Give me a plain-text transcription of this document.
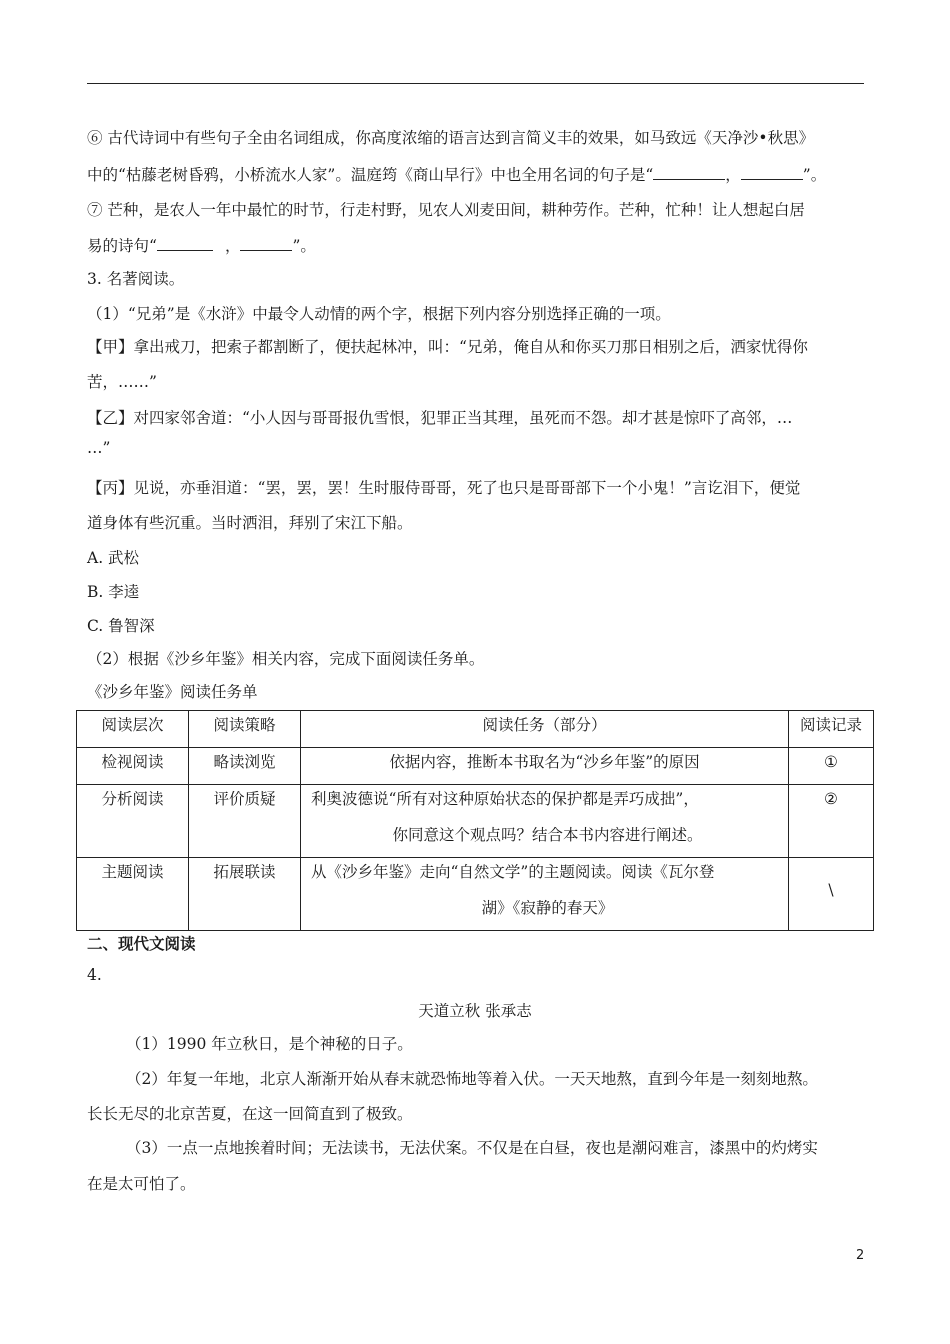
⑥ 古代诗词中有些句子全由名词组成，你高度浓缩的语言达到言简义丰的效果，如马致远《天净沙•秋思》
中的“枯藤老树昏鸦，小桥流水人家”。温庭筠《商山早行》中也全用名词的句子是“	，	”。
⑦ 芒种，是农人一年中最忙的时节，行走村野，见农人刈麦田间，耕种劳作。芒种，忙种！让人想起白居
易的诗句“	，	”。
3. 名著阅读。
（1）“兄弟”是《水浒》中最令人动情的两个字，根据下列内容分别选择正确的一项。
【甲】拿出戒刀，把索子都割断了，便扶起林冲，叫：“兄弟，俺自从和你买刀那日相别之后，洒家忧得你
苦，……”
【乙】对四家邻舍道：“小人因与哥哥报仇雪恨，犯罪正当其理，虽死而不怨。却才甚是惊吓了高邻，…
…”
【丙】见说，亦垂泪道：“罢，罢，罢！生时服侍哥哥，死了也只是哥哥部下一个小鬼！”言讫泪下，便觉
道身体有些沉重。当时洒泪，拜别了宋江下船。
A. 武松
B. 李逵
C. 鲁智深
（2）根据《沙乡年鉴》相关内容，完成下面阅读任务单。
《沙乡年鉴》阅读任务单
阅读层次	阅读策略	阅读任务（部分）	阅读记录

检视阅读	略读浏览	依据内容，推断本书取名为“沙乡年鉴”的原因	①

分析阅读	评价质疑	利奥波德说“所有对这种原始状态的保护都是弄巧成拙”，
你同意这个观点吗？结合本书内容进行阐述。	②

主题阅读	拓展联读	从《沙乡年鉴》走向“自然文学”的主题阅读。阅读《瓦尔登
湖》《寂静的春天》	\
二、现代文阅读
4.
天道立秋 张承志
（1）1990 年立秋日，是个神秘的日子。
（2）年复一年地，北京人渐渐开始从春末就恐怖地等着入伏。一天天地熬，直到今年是一刻刻地熬。
长长无尽的北京苦夏，在这一回简直到了极致。
（3）一点一点地挨着时间；无法读书，无法伏案。不仅是在白昼，夜也是潮闷难言，漆黑中的灼烤实
在是太可怕了。
2
